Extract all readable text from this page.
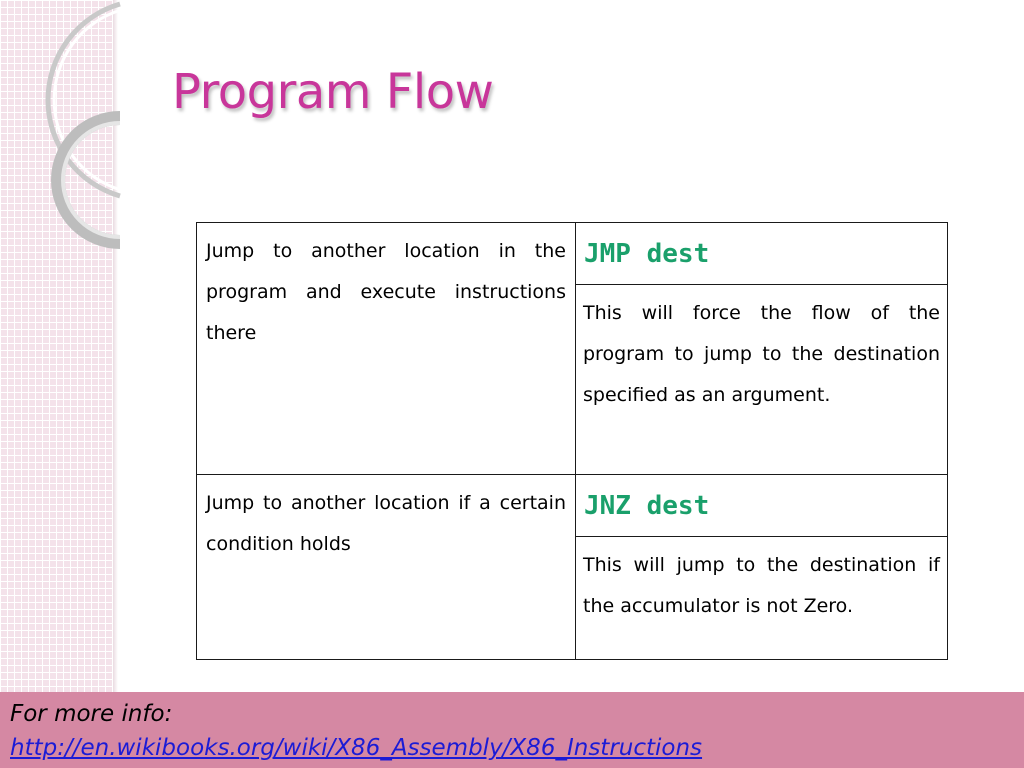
Program Flow
Jump to another location in the program and execute instructions there	JMP dest
	This will force the flow of the program to jump to the destination specified as an argument.
Jump to another location if a certain condition holds	JNZ dest
	This will jump to the destination if the accumulator is not Zero.
For more info:
http://en.wikibooks.org/wiki/X86_Assembly/X86_Instructions
